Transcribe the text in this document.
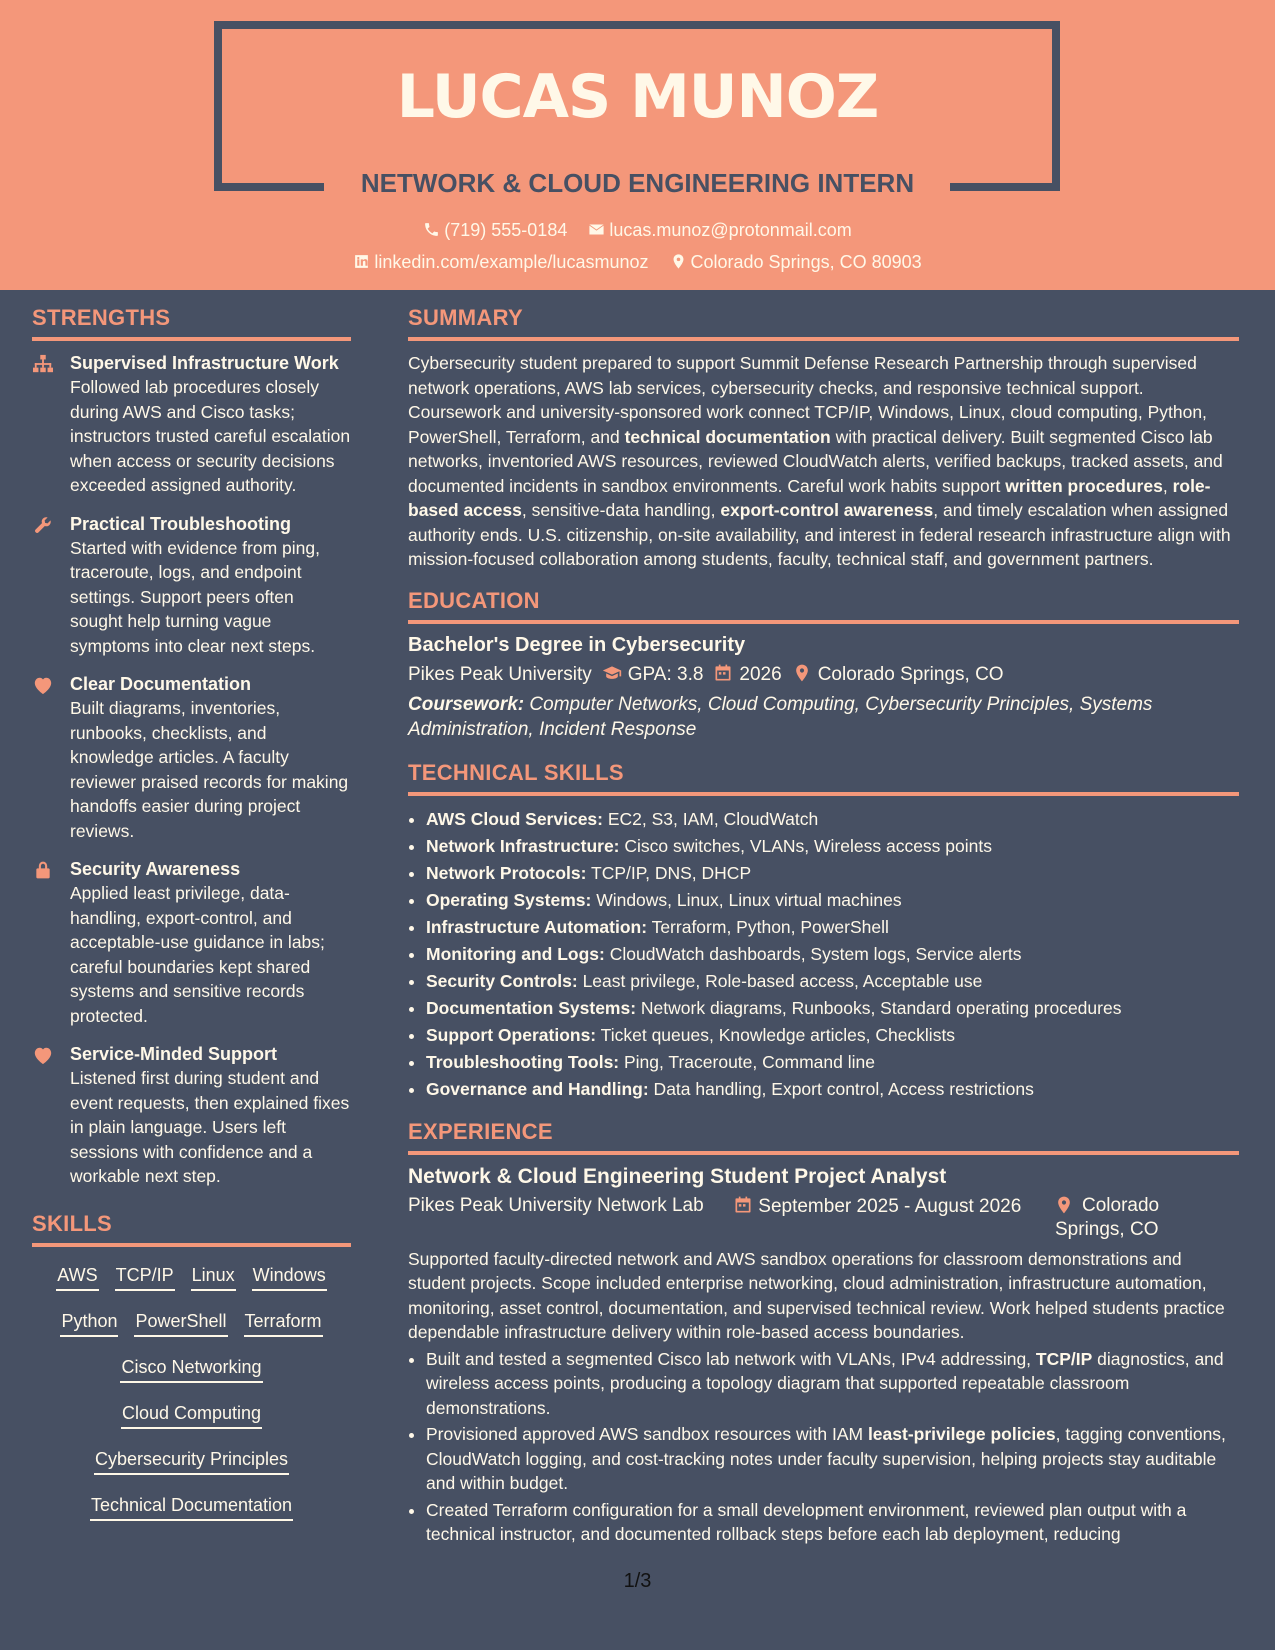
LUCAS MUNOZ
NETWORK & CLOUD ENGINEERING INTERN
(719) 555-0184 lucas.munoz@protonmail.com
linkedin.com/example/lucasmunoz Colorado Springs, CO 80903
STRENGTHS
Supervised Infrastructure Work
Followed lab procedures closely during AWS and Cisco tasks; instructors trusted careful escalation when access or security decisions exceeded assigned authority.
Practical Troubleshooting
Started with evidence from ping, traceroute, logs, and endpoint settings. Support peers often sought help turning vague symptoms into clear next steps.
Clear Documentation
Built diagrams, inventories, runbooks, checklists, and knowledge articles. A faculty reviewer praised records for making handoffs easier during project reviews.
Security Awareness
Applied least privilege, data-handling, export-control, and acceptable-use guidance in labs; careful boundaries kept shared systems and sensitive records protected.
Service-Minded Support
Listened first during student and event requests, then explained fixes in plain language. Users left sessions with confidence and a workable next step.
SKILLS
AWS TCP/IP Linux Windows
Python PowerShell Terraform
Cisco Networking
Cloud Computing
Cybersecurity Principles
Technical Documentation
SUMMARY
Cybersecurity student prepared to support Summit Defense Research Partnership through supervised network operations, AWS lab services, cybersecurity checks, and responsive technical support. Coursework and university-sponsored work connect TCP/IP, Windows, Linux, cloud computing, Python, PowerShell, Terraform, and technical documentation with practical delivery. Built segmented Cisco lab networks, inventoried AWS resources, reviewed CloudWatch alerts, verified backups, tracked assets, and documented incidents in sandbox environments. Careful work habits support written procedures, role-based access, sensitive-data handling, export-control awareness, and timely escalation when assigned authority ends. U.S. citizenship, on-site availability, and interest in federal research infrastructure align with mission-focused collaboration among students, faculty, technical staff, and government partners.
EDUCATION
Bachelor's Degree in Cybersecurity
Pikes Peak University GPA: 3.8 2026 Colorado Springs, CO
Coursework: Computer Networks, Cloud Computing, Cybersecurity Principles, Systems Administration, Incident Response
TECHNICAL SKILLS
• AWS Cloud Services: EC2, S3, IAM, CloudWatch
• Network Infrastructure: Cisco switches, VLANs, Wireless access points
• Network Protocols: TCP/IP, DNS, DHCP
• Operating Systems: Windows, Linux, Linux virtual machines
• Infrastructure Automation: Terraform, Python, PowerShell
• Monitoring and Logs: CloudWatch dashboards, System logs, Service alerts
• Security Controls: Least privilege, Role-based access, Acceptable use
• Documentation Systems: Network diagrams, Runbooks, Standard operating procedures
• Support Operations: Ticket queues, Knowledge articles, Checklists
• Troubleshooting Tools: Ping, Traceroute, Command line
• Governance and Handling: Data handling, Export control, Access restrictions
EXPERIENCE
Network & Cloud Engineering Student Project Analyst
Pikes Peak University Network Lab	September 2025 - August 2026	Colorado
Springs, CO
Supported faculty-directed network and AWS sandbox operations for classroom demonstrations and student projects. Scope included enterprise networking, cloud administration, infrastructure automation, monitoring, asset control, documentation, and supervised technical review. Work helped students practice dependable infrastructure delivery within role-based access boundaries.
• Built and tested a segmented Cisco lab network with VLANs, IPv4 addressing, TCP/IP diagnostics, and wireless access points, producing a topology diagram that supported repeatable classroom demonstrations.
• Provisioned approved AWS sandbox resources with IAM least-privilege policies, tagging conventions, CloudWatch logging, and cost-tracking notes under faculty supervision, helping projects stay auditable and within budget.
• Created Terraform configuration for a small development environment, reviewed plan output with a technical instructor, and documented rollback steps before each lab deployment, reducing
1/3
